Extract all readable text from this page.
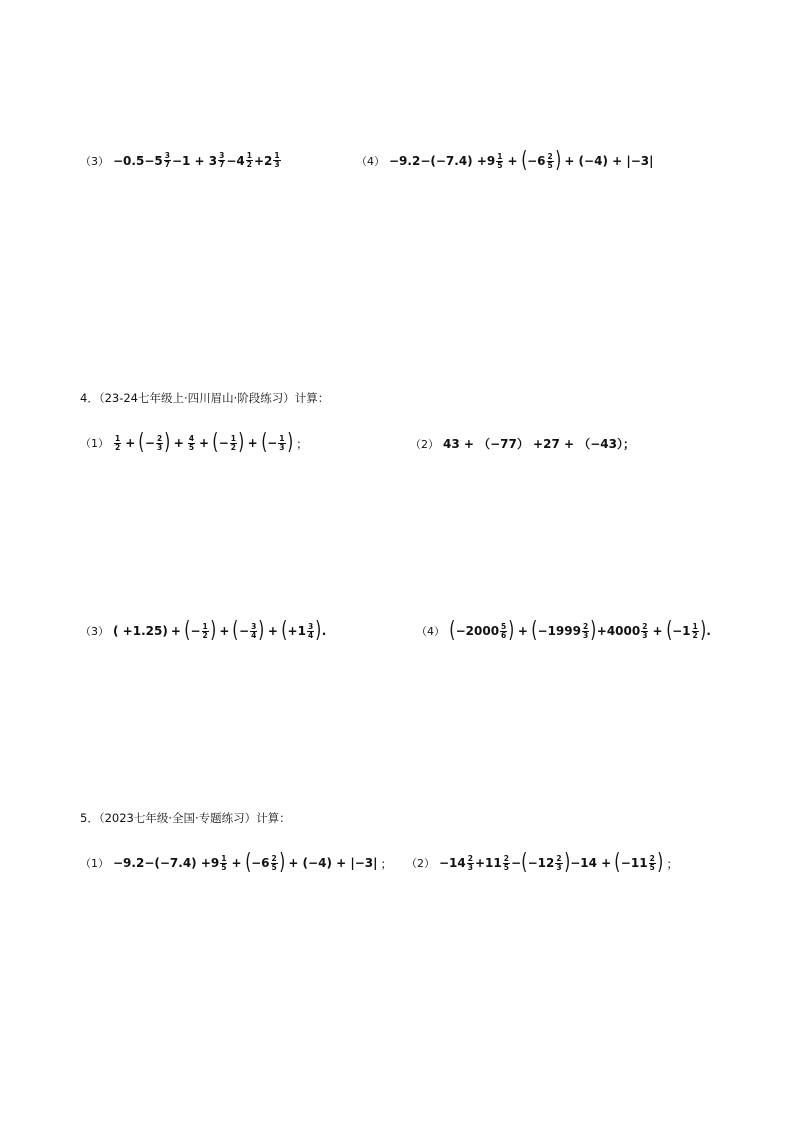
$(3) -0.5-5 \frac{3}{7} -1 + 3 \frac{3}{7} -4 \frac{1}{2} +2 \frac{1}{3}$	$(4) -9.2-(-7.4) +9 \frac{1}{5}$ + ( $-6 \frac{2}{5}$ ) + (−4) + |−3|
4．（23-24七年级上·四川眉山·阶段练习）计算：
$(1) \frac{1}{2}$ + ( − $\frac{2}{3}$ ) + $\frac{4}{5}$ + ( − $\frac{1}{2}$ ) + ( − $\frac{1}{3}$ ) ；	（2） 43 + （−77） +27 + （−43）；
（3） ( +1.25) + ( − $\frac{1}{2}$ ) + ( − $\frac{3}{4}$ ) + ( $+1 \frac{3}{4}$ ) .	（4） ( $-2000 \frac{5}{6}$ ) + ( $-1999 \frac{2}{3}$ ) $+4000 \frac{2}{3}$ + ( $-1 \frac{1}{2}$ ) .
5．（2023七年级·全国·专题练习）计算：
$(1) -9.2-(-7.4) +9 \frac{1}{5}$ + ( $-6 \frac{2}{5}$ ) + (−4) + |−3| ； $(2) -14 \frac{2}{3} +11 \frac{2}{5}$ − ( $-12 \frac{2}{3}$ ) −14 + ( $-11 \frac{2}{5}$ ) ；
